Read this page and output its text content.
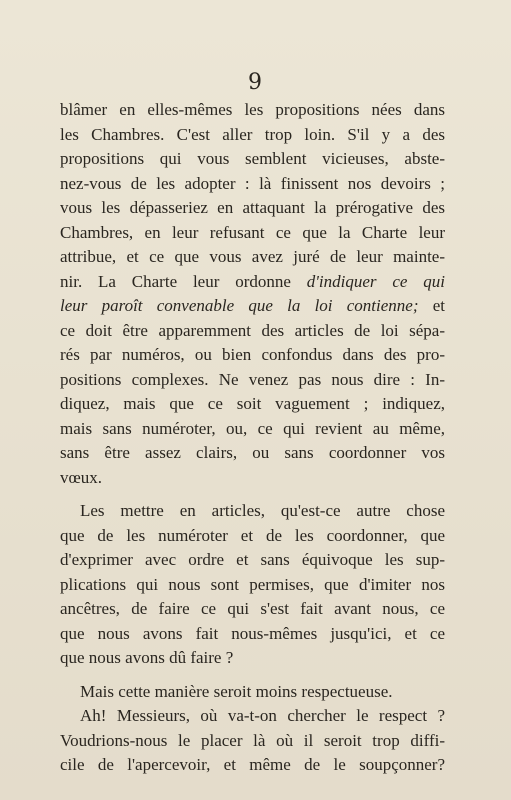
9
blâmer en elles-mêmes les propositions nées dans
les Chambres. C'est aller trop loin. S'il y a des
propositions qui vous semblent vicieuses, abste-
nez-vous de les adopter : là finissent nos devoirs ;
vous les dépasseriez en attaquant la prérogative des
Chambres, en leur refusant ce que la Charte leur
attribue, et ce que vous avez juré de leur mainte-
nir. La Charte leur ordonne d'indiquer ce qui
leur paroît convenable que la loi contienne; et
ce doit être apparemment des articles de loi sépa-
rés par numéros, ou bien confondus dans des pro-
positions complexes. Ne venez pas nous dire : In-
diquez, mais que ce soit vaguement ; indiquez,
mais sans numéroter, ou, ce qui revient au même,
sans être assez clairs, ou sans coordonner vos
vœux.
Les mettre en articles, qu'est-ce autre chose
que de les numéroter et de les coordonner, que
d'exprimer avec ordre et sans équivoque les sup-
plications qui nous sont permises, que d'imiter nos
ancêtres, de faire ce qui s'est fait avant nous, ce
que nous avons fait nous-mêmes jusqu'ici, et ce
que nous avons dû faire ?
Mais cette manière seroit moins respectueuse.
Ah! Messieurs, où va-t-on chercher le respect ?
Voudrions-nous le placer là où il seroit trop diffi-
cile de l'apercevoir, et même de le soupçonner?
